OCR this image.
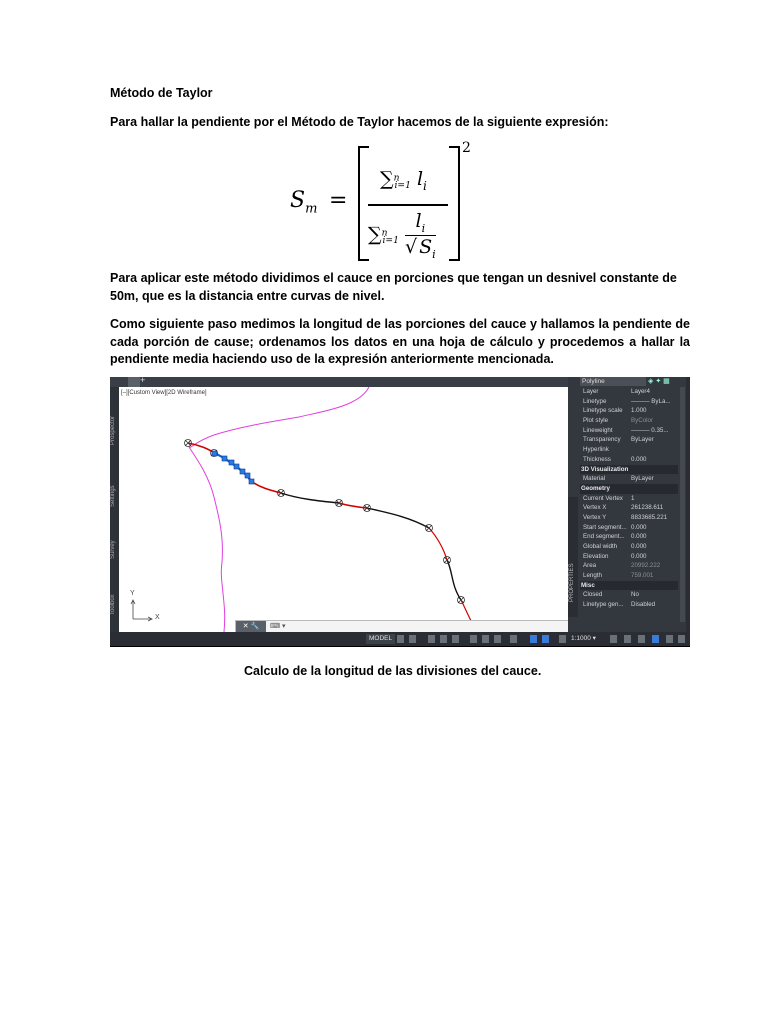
Método de Taylor
Para hallar la pendiente por el Método de Taylor hacemos de la siguiente expresión:
$S_m$ =
2
∑$^n_{i=1}$ $l_i$
$\sum^n_{i=1} \frac{l_i}{√ S_i}$
Para aplicar este método dividimos el cauce en porciones que tengan un desnivel constante de 50m, que es la distancia entre curvas de nivel.
Como siguiente paso medimos la longitud de las porciones del cauce y hallamos la pendiente de cada porción de cause; ordenamos los datos en una hoja de cálculo y procedemos a hallar la pendiente media haciendo uso de la expresión anteriormente mencionada.
+
Prospector
Settings
Survey
Toolbox
[–][Custom View][2D Wireframe]
Y
X
✕ 🔧	⌨ ▾
PROPERTIES
Polyline	◈ ✦ ▦
Layer	Layer4
Linetype	——— ByLa...
Linetype scale 1.000
Plot style	ByColor
Lineweight	——— 0.35...
Transparency ByLayer
Hyperlink
Thickness	0.000
3D Visualization
Material	ByLayer
Geometry
Current Vertex 1
Vertex X	261238.611
Vertex Y	8833685.221
Start segment... 0.000
End segment... 0.000
Global width 0.000
Elevation	0.000
Area	20992.222
Length	759.001
Misc
Closed	No
Linetype gen... Disabled
MODEL	1:1000 ▾
Calculo de la longitud de las divisiones del cauce.
